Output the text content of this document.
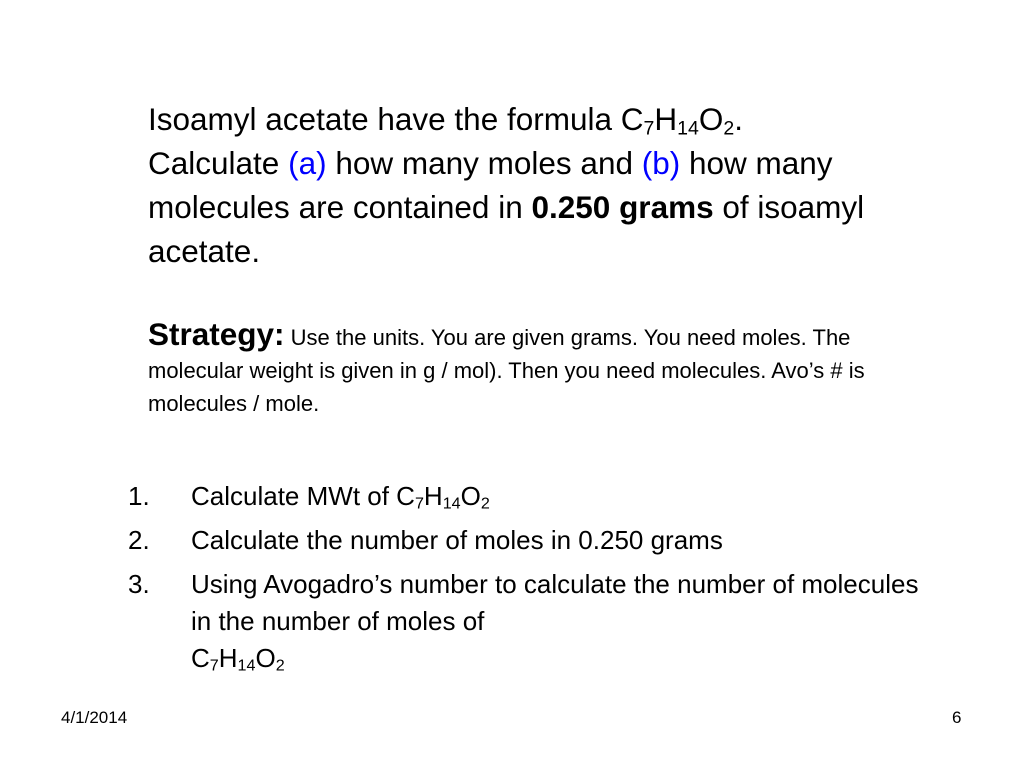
Isoamyl acetate have the formula $C_7H_{14}O_2$.
Calculate (a) how many moles and (b) how many molecules are contained in 0.250 grams of isoamyl acetate.
Strategy: Use the units. You are given grams. You need moles. The molecular weight is given in g / mol). Then you need molecules. Avo’s # is molecules / mole.
1. Calculate MWt of $C_7H_{14}O_2$
2. Calculate the number of moles in 0.250 grams
3. Using Avogadro’s number to calculate the number of molecules in the number of moles of
$C_7H_{14}O_2$
4/1/2014	6
